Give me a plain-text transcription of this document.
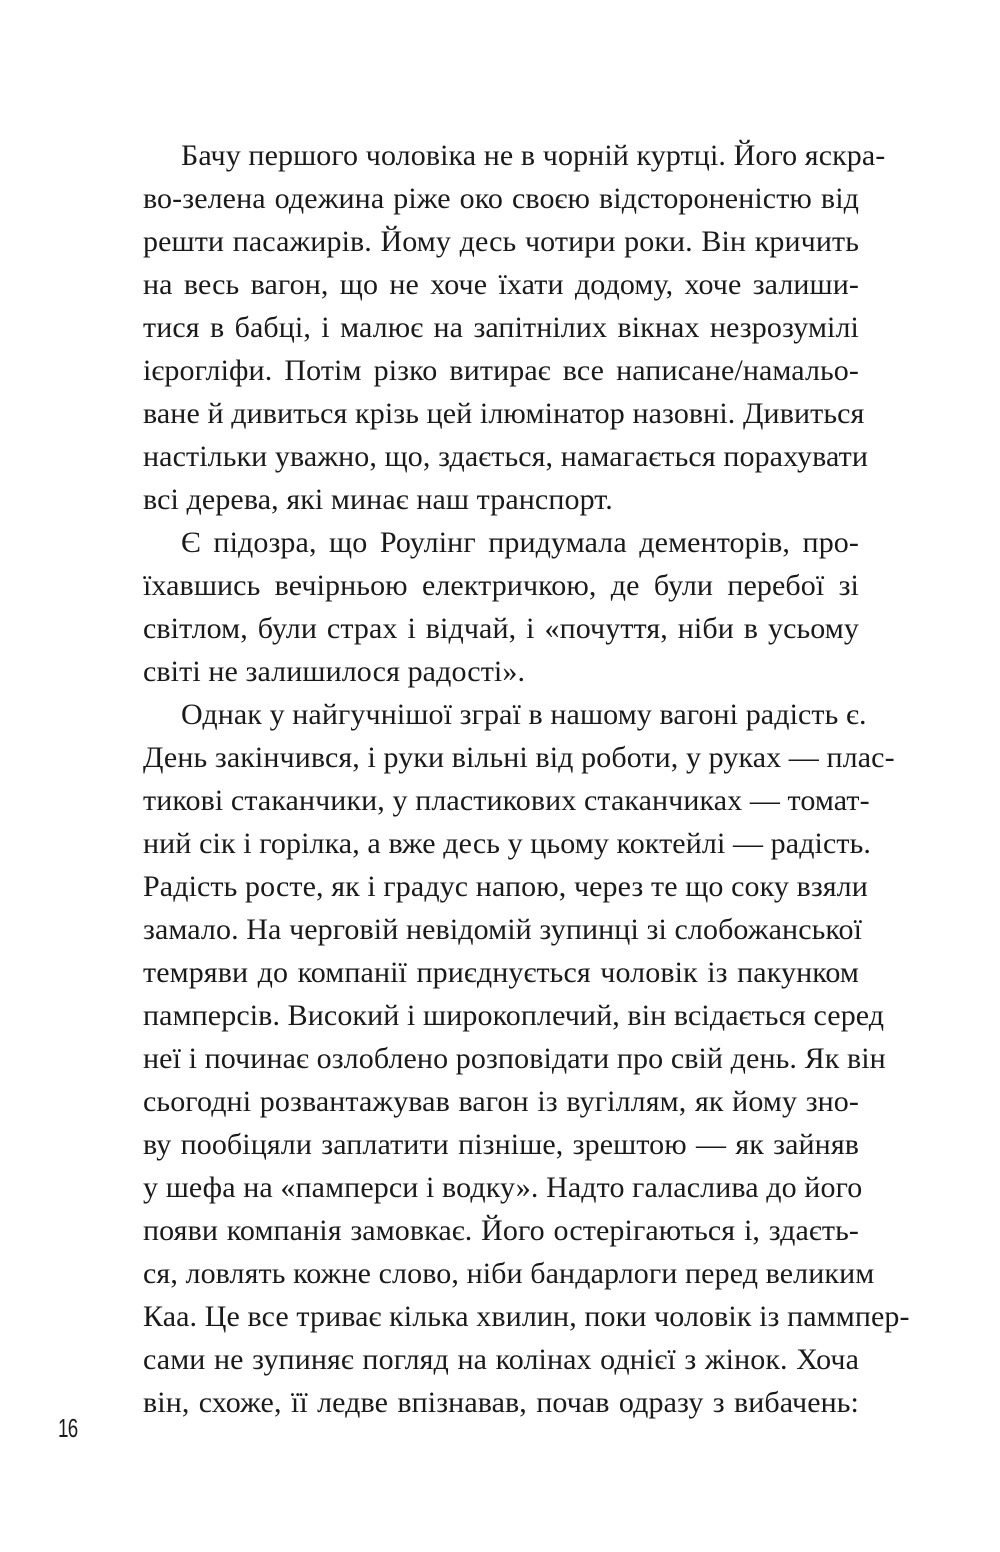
Бачу першого чоловіка не в чорній куртці. Його яскра-
во-зелена одежина ріже око своєю відстороненістю від
решти пасажирів. Йому десь чотири роки. Він кричить
на весь вагон, що не хоче їхати додому, хоче залиши-
тися в бабці, і малює на запітнілих вікнах незрозумілі
ієрогліфи. Потім різко витирає все написане/намальо-
ване й дивиться крізь цей ілюмінатор назовні. Дивиться
настільки уважно, що, здається, намагається порахувати
всі дерева, які минає наш транспорт.
Є підозра, що Роулінг придумала дементорів, про-
їхавшись вечірньою електричкою, де були перебої зі
світлом, були страх і відчай, і «почуття, ніби в усьому
світі не залишилося радості».
Однак у найгучнішої зграї в нашому вагоні радість є.
День закінчився, і руки вільні від роботи, у руках — плас-
тикові стаканчики, у пластикових стаканчиках — томат-
ний сік і горілка, а вже десь у цьому коктейлі — радість.
Радість росте, як і градус напою, через те що соку взяли
замало. На черговій невідомій зупинці зі слобожанської
темряви до компанії приєднується чоловік із пакунком
памперсів. Високий і широкоплечий, він всідається серед
неї і починає озлоблено розповідати про свій день. Як він
сьогодні розвантажував вагон із вугіллям, як йому зно-
ву пообіцяли заплатити пізніше, зрештою — як зайняв
у шефа на «памперси і водку». Надто галаслива до його
появи компанія замовкає. Його остерігаються і, здаєть-
ся, ловлять кожне слово, ніби бандарлоги перед великим
Каа. Це все триває кілька хвилин, поки чоловік із паммпер-
сами не зупиняє погляд на колінах однієї з жінок. Хоча
він, схоже, її ледве впізнавав, почав одразу з вибачень:
16
